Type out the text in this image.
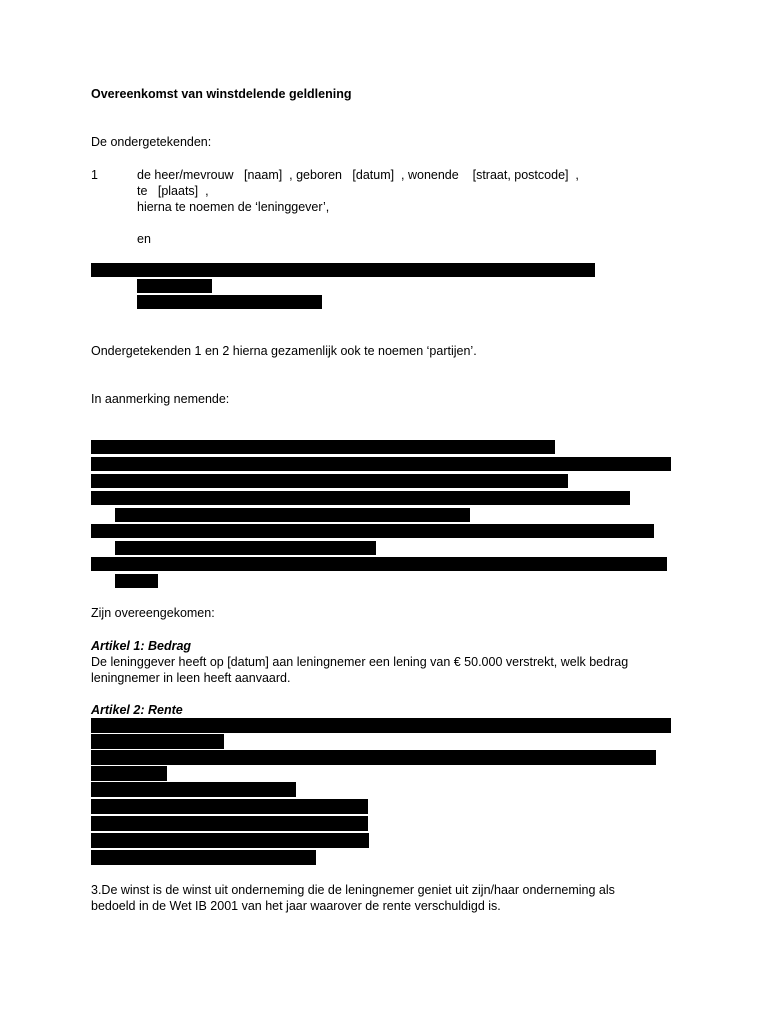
Overeenkomst van winstdelende geldlening
De ondergetekenden:
1	de heer/mevrouw   [naam]  , geboren   [datum]  , wonende    [straat, postcode]  ,
te   [plaats]  ,
hierna te noemen de ‘leninggever’,
en
Ondergetekenden 1 en 2 hierna gezamenlijk ook te noemen ‘partijen’.
In aanmerking nemende:
Zijn overeengekomen:
Artikel 1: Bedrag
De leninggever heeft op [datum] aan leningnemer een lening van € 50.000 verstrekt, welk bedrag
leningnemer in leen heeft aanvaard.
Artikel 2: Rente
3.De winst is de winst uit onderneming die de leningnemer geniet uit zijn/haar onderneming als
bedoeld in de Wet IB 2001 van het jaar waarover de rente verschuldigd is.
